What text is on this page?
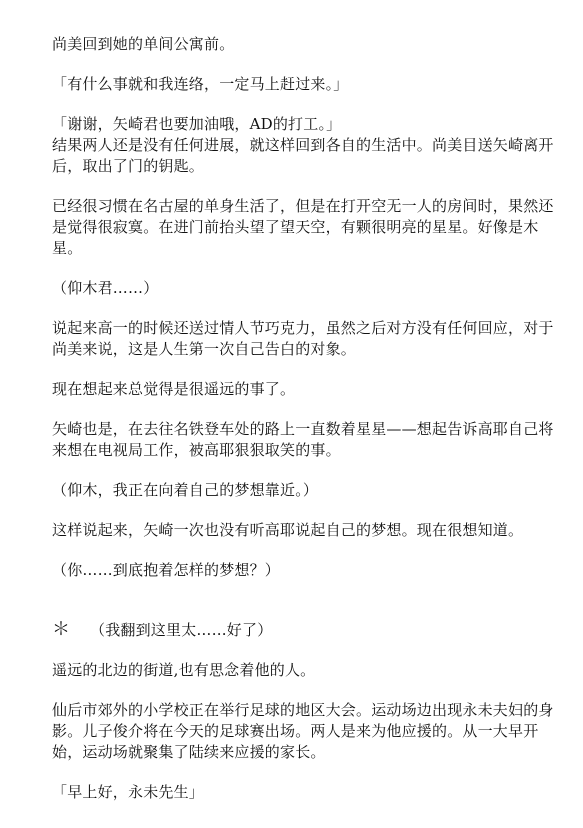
尚美回到她的单间公寓前。

「有什么事就和我连络，一定马上赶过来。」

「谢谢，矢崎君也要加油哦，AD的打工。」

结果两人还是没有任何进展，就这样回到各自的生活中。尚美目送矢崎离开后，取出了门的钥匙。

已经很习惯在名古屋的单身生活了，但是在打开空无一人的房间时，果然还是觉得很寂寞。在进门前抬头望了望天空，有颗很明亮的星星。好像是木星。

（仰木君……）

说起来高一的时候还送过情人节巧克力，虽然之后对方没有任何回应，对于尚美来说，这是人生第一次自己告白的对象。

现在想起来总觉得是很遥远的事了。

矢崎也是，在去往名铁登车处的路上一直数着星星——想起告诉高耶自己将来想在电视局工作，被高耶狠狠取笑的事。

（仰木，我正在向着自己的梦想靠近。）

这样说起来，矢崎一次也没有听高耶说起自己的梦想。现在很想知道。

（你……到底抱着怎样的梦想？）

＊ （我翻到这里太……好了）

遥远的北边的街道,也有思念着他的人。

仙后市郊外的小学校正在举行足球的地区大会。运动场边出现永未夫妇的身影。儿子俊介将在今天的足球赛出场。两人是来为他应援的。从一大早开始，运动场就聚集了陆续来应援的家长。

「早上好，永未先生」
